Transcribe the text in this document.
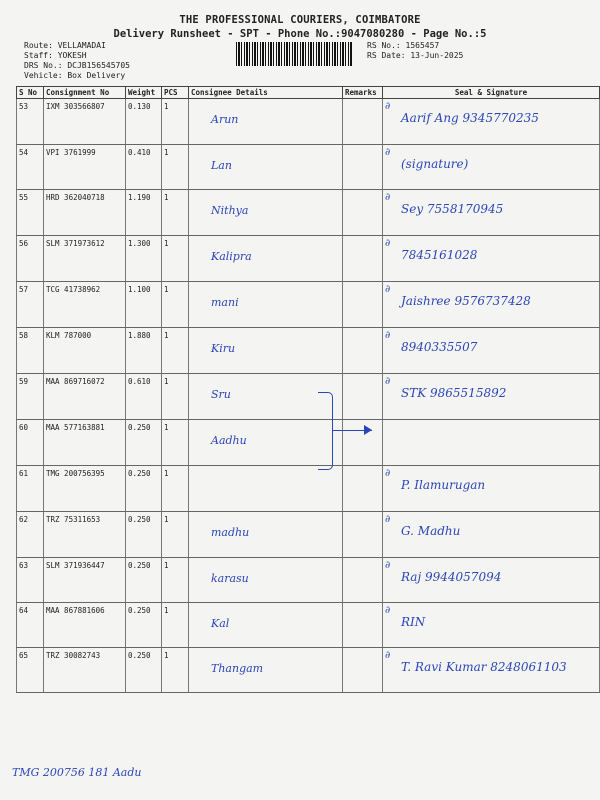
THE PROFESSIONAL COURIERS, COIMBATORE
Delivery Runsheet - SPT - Phone No.:9047080280 - Page No.:5
Route: VELLAMADAI
Staff: YOKESH
DRS No.: DCJB156545705
Vehicle: Box Delivery
RS No.: 1565457
RS Date: 13-Jun-2025
S No	Consignment No	Weight	PCS	Consignee Details	Remarks	Seal & Signature
53	IXM 303566807	0.130	1	Arun		∂
Aarif Ang 9345770235

54	VPI 3761999	0.410	1	Lan		∂
(signature)

55	HRD 362040718	1.190	1	Nithya		∂
Sey 7558170945

56	SLM 371973612	1.300	1	Kalipra		∂
7845161028

57	TCG 41738962	1.100	1	mani		∂
Jaishree 9576737428

58	KLM 787000	1.880	1	Kiru		∂
8940335507

59	MAA 869716072	0.610	1	Sru		∂
STK 9865515892

60	MAA 577163881	0.250	1	Aadhu		

61	TMG 200756395	0.250	1			∂
P. Ilamurugan

62	TRZ 75311653	0.250	1	madhu		∂
G. Madhu

63	SLM 371936447	0.250	1	karasu		∂
Raj 9944057094

64	MAA 867881606	0.250	1	Kal		∂
RIN

65	TRZ 30082743	0.250	1	Thangam		∂
T. Ravi Kumar 8248061103
TMG 200756 181 Aadu
